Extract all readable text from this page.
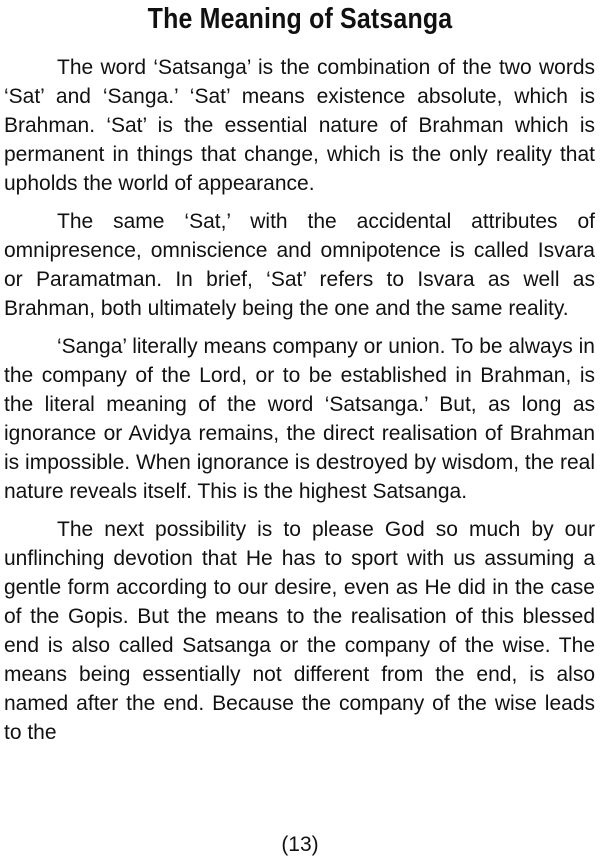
The Meaning of Satsanga

The word ‘Satsanga’ is the combination of the two words ‘Sat’ and ‘Sanga.’ ‘Sat’ means existence absolute, which is Brahman. ‘Sat’ is the essential nature of Brahman which is permanent in things that change, which is the only reality that upholds the world of appearance.

The same ‘Sat,’ with the accidental attributes of omnipresence, omniscience and omnipotence is called Isvara or Paramatman. In brief, ‘Sat’ refers to Isvara as well as Brahman, both ultimately being the one and the same reality.

‘Sanga’ literally means company or union. To be always in the company of the Lord, or to be established in Brahman, is the literal meaning of the word ‘Satsanga.’ But, as long as ignorance or Avidya remains, the direct realisation of Brahman is impossible. When ignorance is destroyed by wisdom, the real nature reveals itself. This is the highest Satsanga.

The next possibility is to please God so much by our unflinching devotion that He has to sport with us assuming a gentle form according to our desire, even as He did in the case of the Gopis. But the means to the realisation of this blessed end is also called Satsanga or the company of the wise. The means being essentially not different from the end, is also named after the end. Because the company of the wise leads to the

(13)
